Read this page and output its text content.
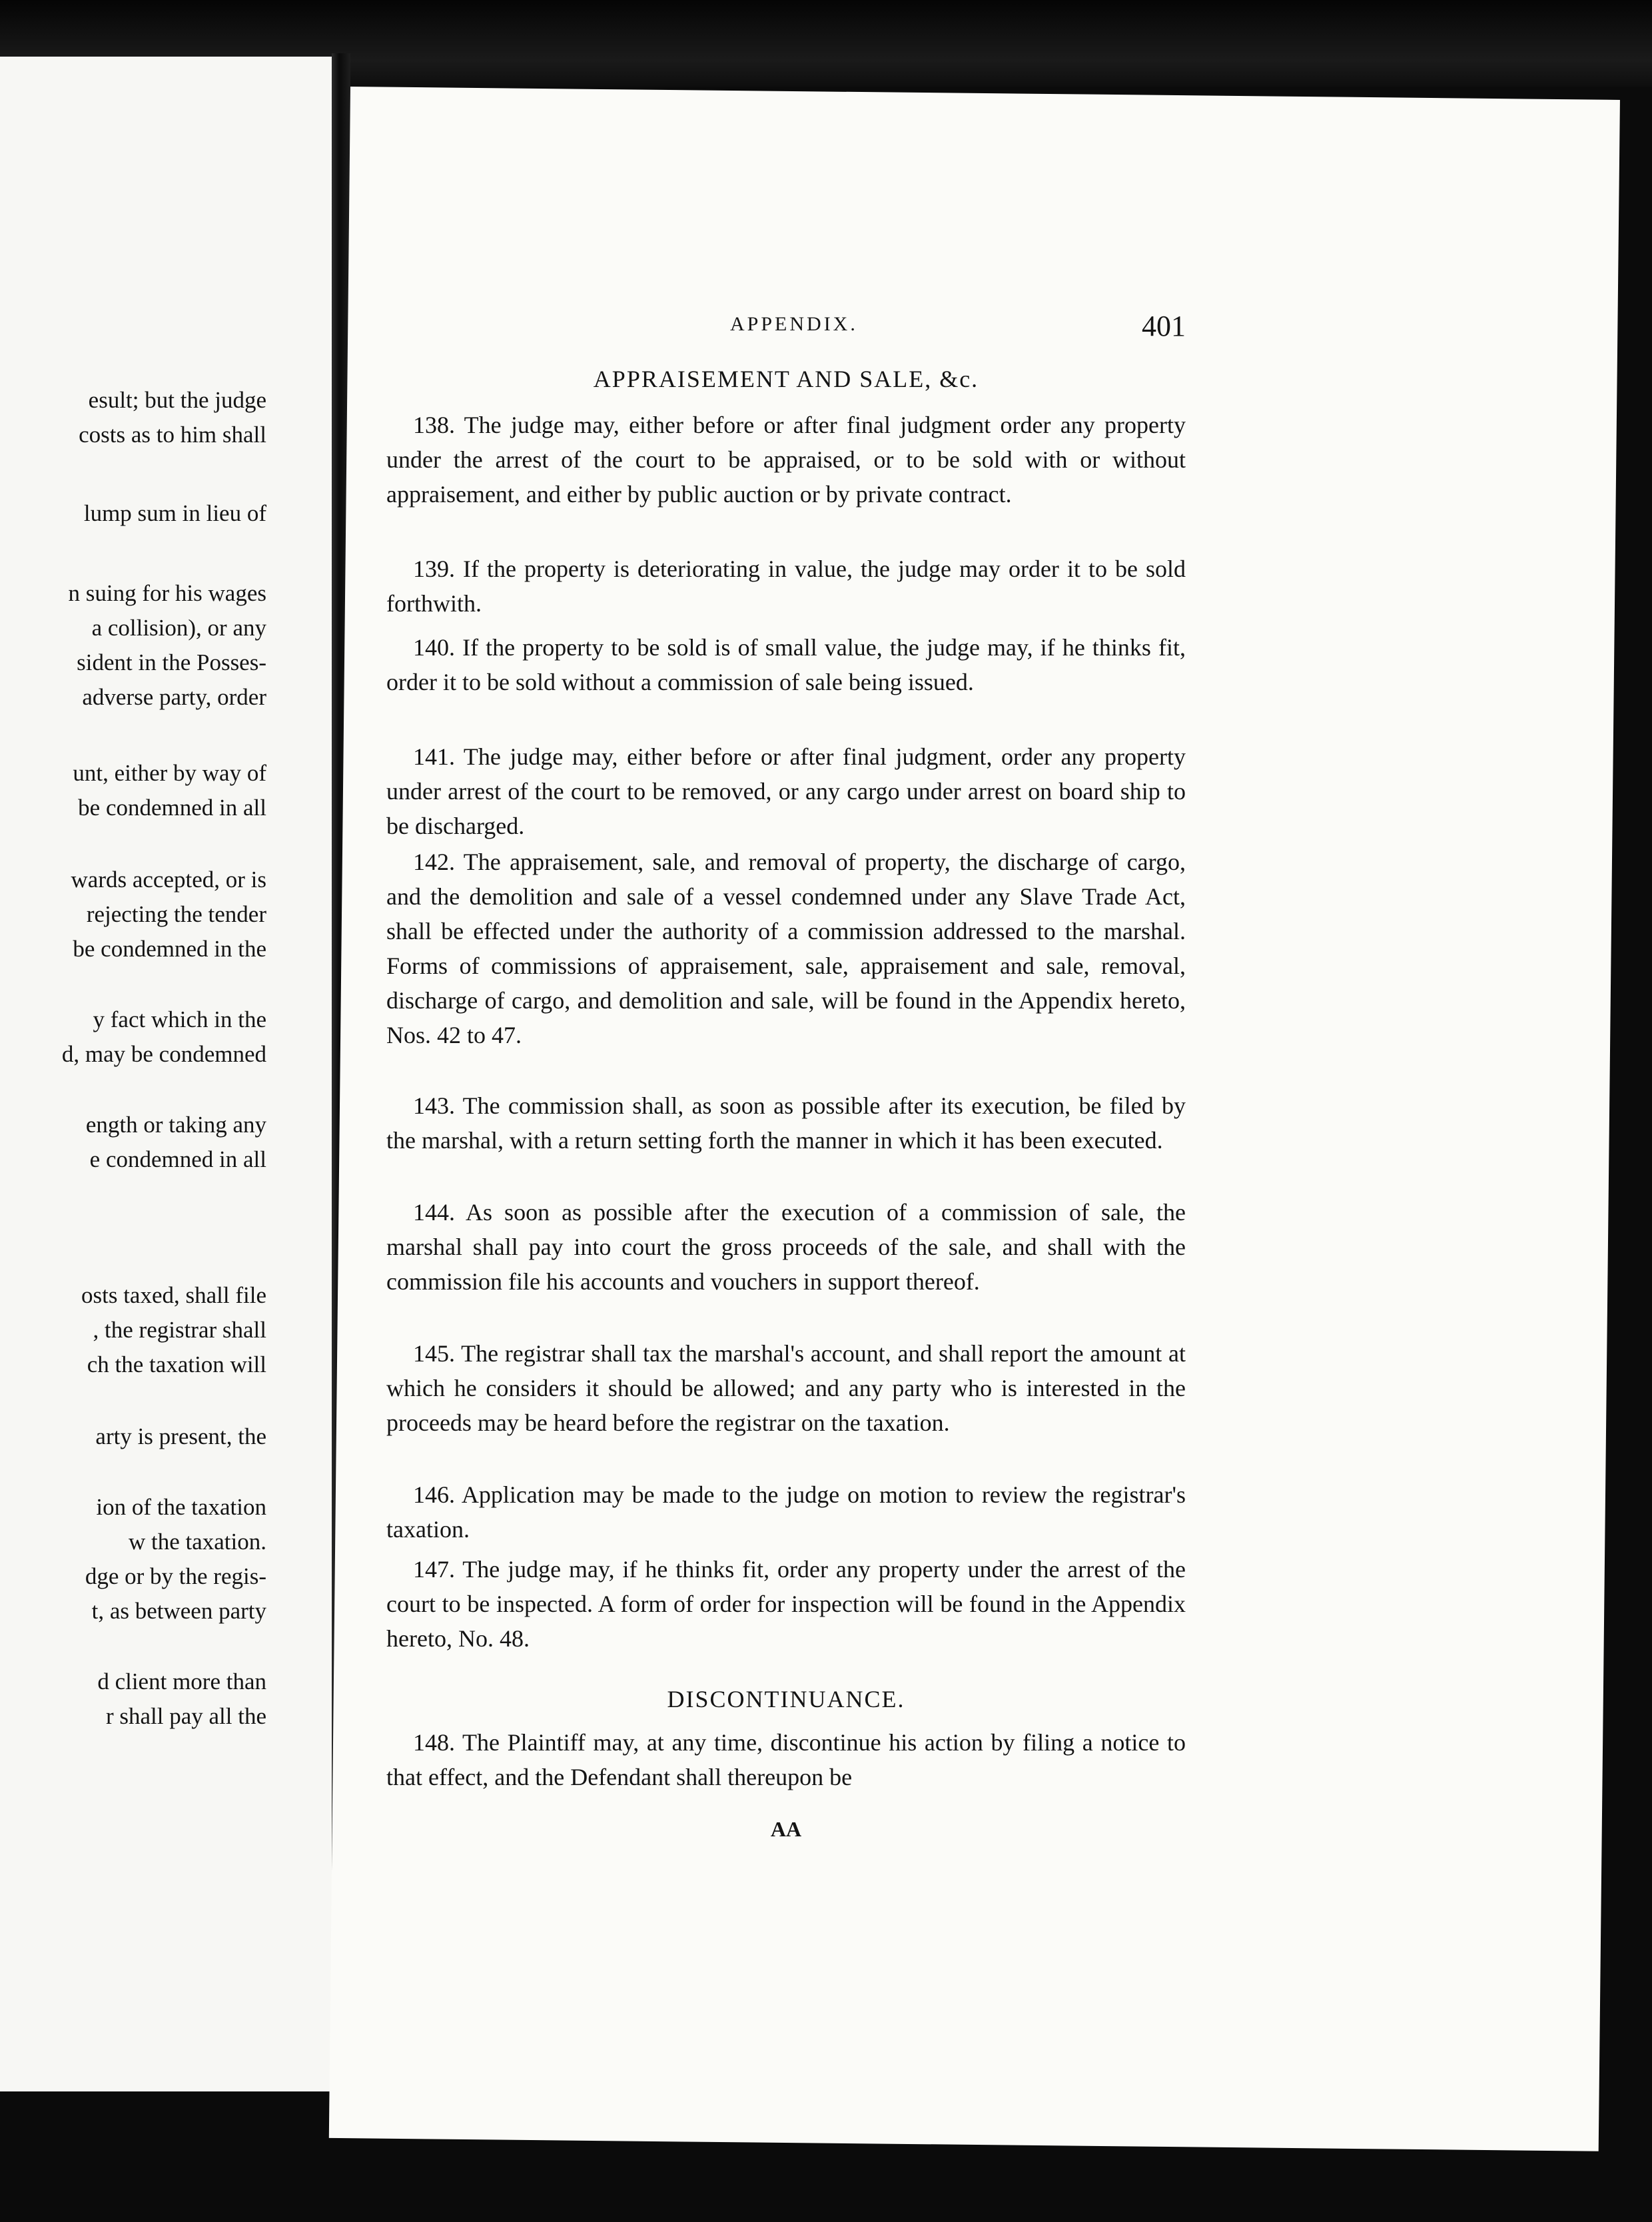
esult; but the judge
costs as to him shall
lump sum in lieu of
n suing for his wages
a collision), or any
sident in the Posses-
adverse party, order
unt, either by way of
be condemned in all
wards accepted, or is
rejecting the tender
be condemned in the
y fact which in the
d, may be condemned
ength or taking any
e condemned in all
osts taxed, shall file
, the registrar shall
ch the taxation will
arty is present, the
ion of the taxation
w the taxation.
dge or by the regis-
t, as between party
d client more than
r shall pay all the
APPENDIX.	401
APPRAISEMENT AND SALE, &c.

138. The judge may, either before or after final judgment order any property under the arrest of the court to be appraised, or to be sold with or without appraisement, and either by public auction or by private contract.

139. If the property is deteriorating in value, the judge may order it to be sold forthwith.

140. If the property to be sold is of small value, the judge may, if he thinks fit, order it to be sold without a commission of sale being issued.

141. The judge may, either before or after final judgment, order any property under arrest of the court to be removed, or any cargo under arrest on board ship to be discharged.

142. The appraisement, sale, and removal of property, the discharge of cargo, and the demolition and sale of a vessel condemned under any Slave Trade Act, shall be effected under the authority of a commission addressed to the marshal. Forms of commissions of appraisement, sale, appraisement and sale, removal, discharge of cargo, and demolition and sale, will be found in the Appendix hereto, Nos. 42 to 47.

143. The commission shall, as soon as possible after its execution, be filed by the marshal, with a return setting forth the manner in which it has been executed.

144. As soon as possible after the execution of a commission of sale, the marshal shall pay into court the gross proceeds of the sale, and shall with the commission file his accounts and vouchers in support thereof.

145. The registrar shall tax the marshal's account, and shall report the amount at which he considers it should be allowed; and any party who is interested in the proceeds may be heard before the registrar on the taxation.

146. Application may be made to the judge on motion to review the registrar's taxation.

147. The judge may, if he thinks fit, order any property under the arrest of the court to be inspected. A form of order for inspection will be found in the Appendix hereto, No. 48.

DISCONTINUANCE.

148. The Plaintiff may, at any time, discontinue his action by filing a notice to that effect, and the Defendant shall thereupon be

AA
